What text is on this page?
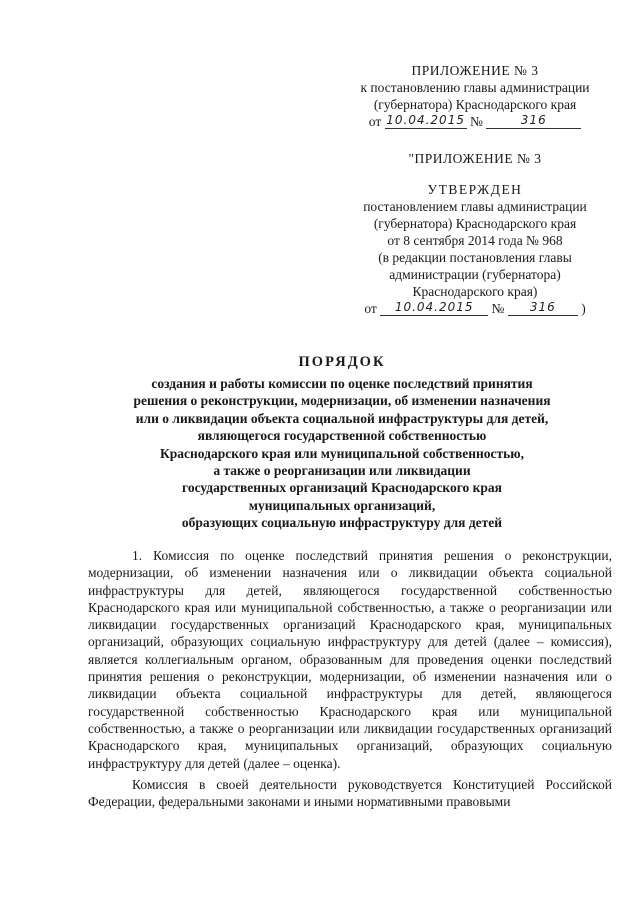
ПРИЛОЖЕНИЕ № 3
к постановлению главы администрации
(губернатора) Краснодарского края
от 10.04.2015 №	316
"ПРИЛОЖЕНИЕ № 3
УТВЕРЖДЕН
постановлением главы администрации
(губернатора) Краснодарского края
от 8 сентября 2014 года № 968
(в редакции постановления главы
администрации (губернатора)
Краснодарского края)
от 10.04.2015 № 316 )
ПОРЯДОК
создания и работы комиссии по оценке последствий принятия
решения о реконструкции, модернизации, об изменении назначения
или о ликвидации объекта социальной инфраструктуры для детей,
являющегося государственной собственностью
Краснодарского края или муниципальной собственностью,
а также о реорганизации или ликвидации
государственных организаций Краснодарского края
муниципальных организаций,
образующих социальную инфраструктуру для детей

1. Комиссия по оценке последствий принятия решения о реконструкции, модернизации, об изменении назначения или о ликвидации объекта социальной инфраструктуры для детей, являющегося государственной собственностью Краснодарского края или муниципальной собственностью, а также о реорганизации или ликвидации государственных организаций Краснодарского края, муниципальных организаций, образующих социальную инфраструктуру для детей (далее – комиссия), является коллегиальным органом, образованным для проведения оценки последствий принятия решения о реконструкции, модернизации, об изменении назначения или о ликвидации объекта социальной инфраструктуры для детей, являющегося государственной собственностью Краснодарского края или муниципальной собственностью, а также о реорганизации или ликвидации государственных организаций Краснодарского края, муниципальных организаций, образующих социальную инфраструктуру для детей (далее – оценка).

Комиссия в своей деятельности руководствуется Конституцией Российской Федерации, федеральными законами и иными нормативными правовыми
